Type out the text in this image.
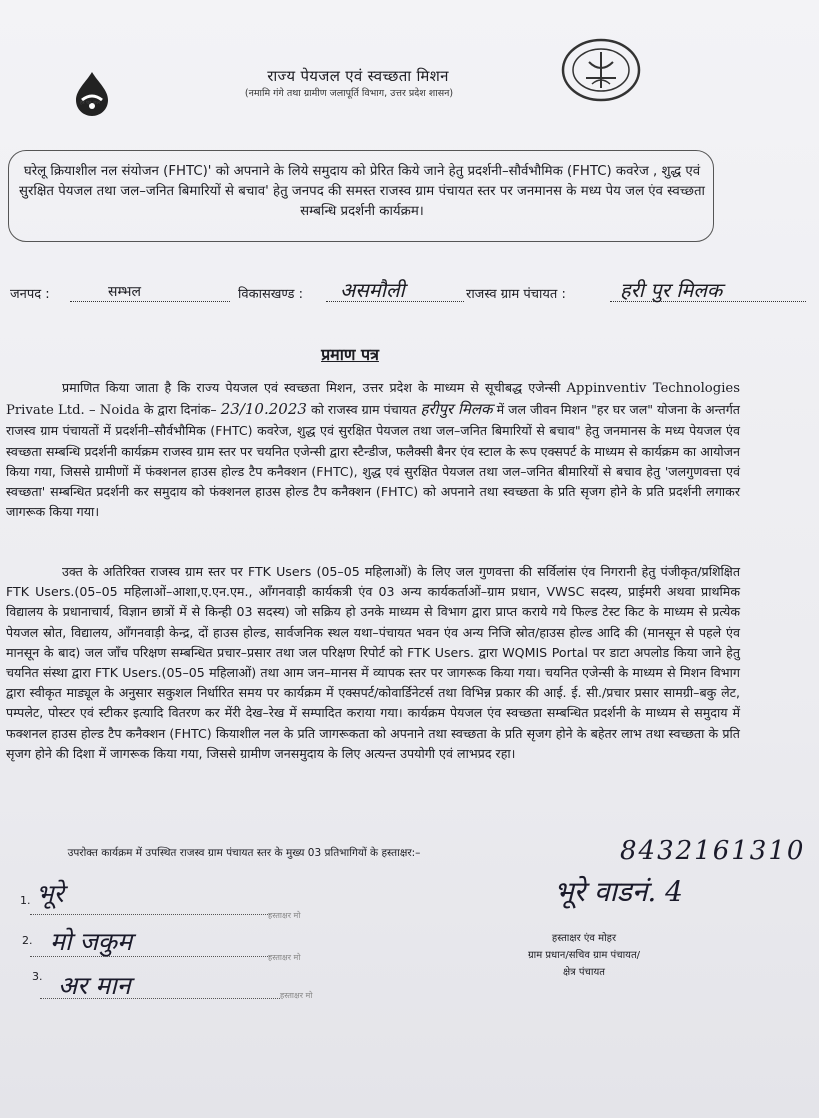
हर घर जल
राज्य पेयजल एवं स्वच्छता मिशन
(नमामि गंगे तथा ग्रामीण जलापूर्ति विभाग, उत्तर प्रदेश शासन)
घरेलू क्रियाशील नल संयोजन (FHTC)' को अपनाने के लिये समुदाय को प्रेरित किये जाने हेतु प्रदर्शनी–सौर्वभौमिक (FHTC) कवरेज , शुद्ध एवं सुरक्षित पेयजल तथा जल–जनित बिमारियों से बचाव' हेतु जनपद की समस्त राजस्व ग्राम पंचायत स्तर पर जनमानस के मध्य पेय जल एंव स्वच्छता सम्बन्धि प्रदर्शनी कार्यक्रम।
जनपद :	सम्भल	विकासखण्ड : असमौली	राजस्व ग्राम पंचायत :	हरी पुर मिलक
प्रमाण पत्र

प्रमाणित किया जाता है कि राज्य पेयजल एवं स्वच्छता मिशन, उत्तर प्रदेश के माध्यम से सूचीबद्ध एजेन्सी Appinventiv Technologies Private Ltd. – Noida के द्वारा दिनांक– 23/10.2023 को राजस्व ग्राम पंचायत हरीपुर मिलक में जल जीवन मिशन "हर घर जल" योजना के अन्तर्गत राजस्व ग्राम पंचायतों में प्रदर्शनी–सौर्वभौमिक (FHTC) कवरेज, शुद्ध एवं सुरक्षित पेयजल तथा जल–जनित बिमारियों से बचाव" हेतु जनमानस के मध्य पेयजल एंव स्वच्छता सम्बन्धि प्रदर्शनी कार्यक्रम राजस्व ग्राम स्तर पर चयनित एजेन्सी द्वारा स्टैन्डीज, फलैक्सी बैनर एंव स्टाल के रूप एक्सपर्ट के माध्यम से कार्यक्रम का आयोजन किया गया, जिससे ग्रामीणों में फंक्शनल हाउस होल्ड टैप कनैक्शन (FHTC), शुद्ध एवं सुरक्षित पेयजल तथा जल–जनित बीमारियों से बचाव हेतु 'जलगुणवत्ता एवं स्वच्छता' सम्बन्धित प्रदर्शनी कर समुदाय को फंक्शनल हाउस होल्ड टैप कनैक्शन (FHTC) को अपनाने तथा स्वच्छता के प्रति सृजग होने के प्रति प्रदर्शनी लगाकर जागरूक किया गया।

उक्त के अतिरिक्त राजस्व ग्राम स्तर पर FTK Users (05–05 महिलाओं) के लिए जल गुणवत्ता की सर्विलांस एंव निगरानी हेतु पंजीकृत/प्रशिक्षित FTK Users.(05–05 महिलाओं–आशा,ए.एन.एम., आँगनवाड़ी कार्यकत्री एंव 03 अन्य कार्यकर्ताओं–ग्राम प्रधान, VWSC सदस्य, प्राईमरी अथवा प्राथमिक विद्यालय के प्रधानाचार्य, विज्ञान छात्रों में से किन्ही 03 सदस्य) जो सक्रिय हो उनके माध्यम से विभाग द्वारा प्राप्त कराये गये फिल्ड टेस्ट किट के माध्यम से प्रत्येक पेयजल स्रोत, विद्यालय, आँगनवाड़ी केन्द्र, दों हाउस होल्ड, सार्वजनिक स्थल यथा–पंचायत भवन एंव अन्य निजि स्रोत/हाउस होल्ड आदि की (मानसून से पहले एंव मानसून के बाद) जल जाँच परिक्षण सम्बन्धित प्रचार–प्रसार तथा जल परिक्षण रिपोर्ट को FTK Users. द्वारा WQMIS Portal पर डाटा अपलोड किया जाने हेतु चयनित संस्था द्वारा FTK Users.(05–05 महिलाओं) तथा आम जन–मानस में व्यापक स्तर पर जागरूक किया गया। चयनित एजेन्सी के माध्यम से मिशन विभाग द्वारा स्वीकृत माड्यूल के अनुसार सकुशल निर्धारित समय पर कार्यक्रम में एक्सपर्ट/कोवार्डिनेटर्स तथा विभिन्न प्रकार की आई. ई. सी./प्रचार प्रसार सामग्री–बकु लेट, पम्पलेट, पोस्टर एवं स्टीकर इत्यादि वितरण कर मेंरी देख–रेख में सम्पादित कराया गया। कार्यक्रम पेयजल एंव स्वच्छता सम्बन्धित प्रदर्शनी के माध्यम से समुदाय में फक्शनल हाउस होल्ड टैप कनैक्शन (FHTC) कियाशील नल के प्रति जागरूकता को अपनाने तथा स्वच्छता के प्रति सृजग होने के बहेतर लाभ तथा स्वच्छता के प्रति सृजग होने की दिशा में जागरूक किया गया, जिससे ग्रामीण जनसमुदाय के लिए अत्यन्त उपयोगी एवं लाभप्रद रहा।

उपरोक्त कार्यक्रम में उपस्थित राजस्व ग्राम पंचायत स्तर के मुख्य 03 प्रतिभागियों के हस्ताक्षर:–
1. भूरे
हस्ताक्षर मो
2. मो जकुम
हस्ताक्षर मो
3. अर मान	हस्ताक्षर मो
8432161310
भूरे वाडनं. 4
हस्ताक्षर एंव मोहर
ग्राम प्रधान/सचिव ग्राम पंचायत/
क्षेत्र पंचायत
